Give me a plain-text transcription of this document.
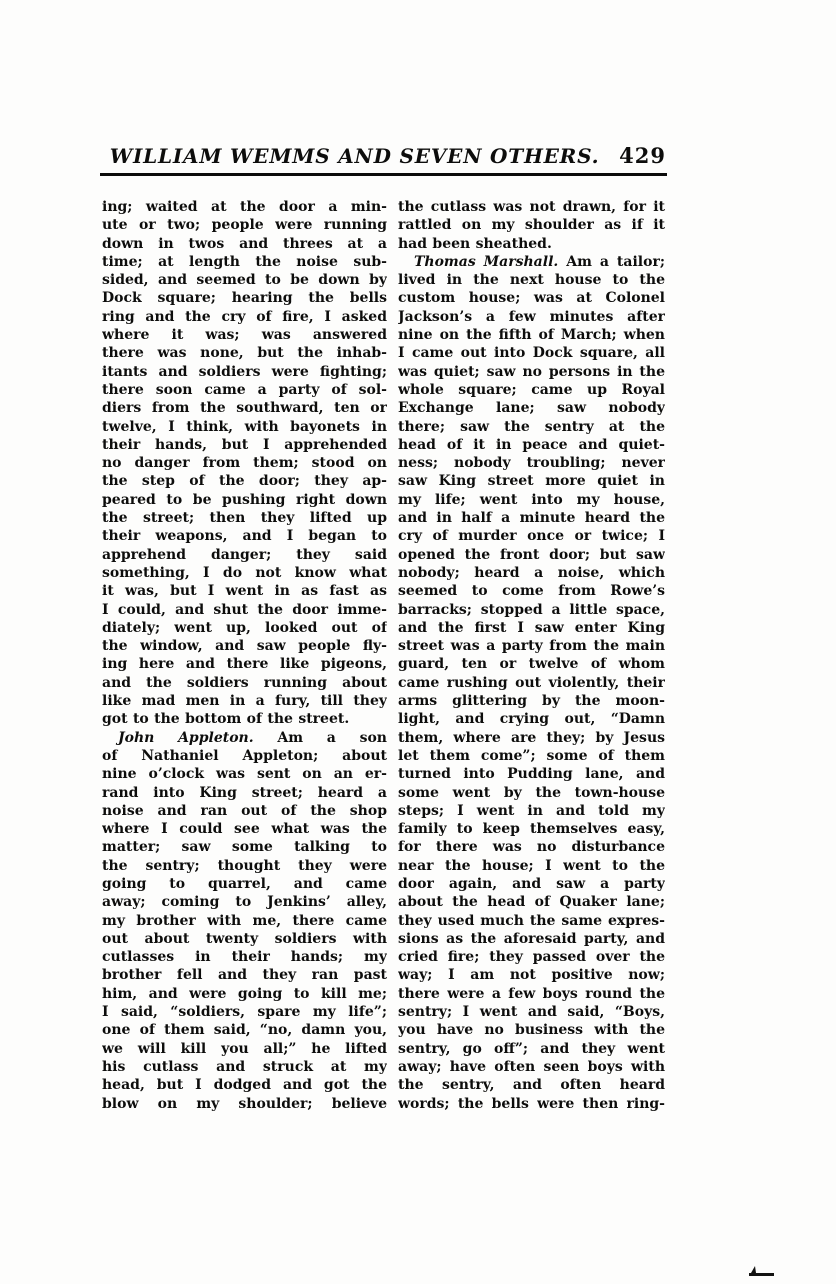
WILLIAM WEMMS AND SEVEN OTHERS. 429
ing; waited at the door a min-
ute or two; people were running
down in twos and threes at a
time; at length the noise sub-
sided, and seemed to be down by
Dock square; hearing the bells
ring and the cry of fire, I asked
where it was; was answered
there was none, but the inhab-
itants and soldiers were fighting;
there soon came a party of sol-
diers from the southward, ten or
twelve, I think, with bayonets in
their hands, but I apprehended
no danger from them; stood on
the step of the door; they ap-
peared to be pushing right down
the street; then they lifted up
their weapons, and I began to
apprehend danger; they said
something, I do not know what
it was, but I went in as fast as
I could, and shut the door imme-
diately; went up, looked out of
the window, and saw people fly-
ing here and there like pigeons,
and the soldiers running about
like mad men in a fury, till they
got to the bottom of the street.
John Appleton. Am a son
of Nathaniel Appleton; about
nine o’clock was sent on an er-
rand into King street; heard a
noise and ran out of the shop
where I could see what was the
matter; saw some talking to
the sentry; thought they were
going to quarrel, and came
away; coming to Jenkins’ alley,
my brother with me, there came
out about twenty soldiers with
cutlasses in their hands; my
brother fell and they ran past
him, and were going to kill me;
I said, “soldiers, spare my life”;
one of them said, “no, damn you,
we will kill you all;” he lifted
his cutlass and struck at my
head, but I dodged and got the
blow on my shoulder; believe
the cutlass was not drawn, for it
rattled on my shoulder as if it
had been sheathed.
Thomas Marshall. Am a tailor;
lived in the next house to the
custom house; was at Colonel
Jackson’s a few minutes after
nine on the fifth of March; when
I came out into Dock square, all
was quiet; saw no persons in the
whole square; came up Royal
Exchange lane; saw nobody
there; saw the sentry at the
head of it in peace and quiet-
ness; nobody troubling; never
saw King street more quiet in
my life; went into my house,
and in half a minute heard the
cry of murder once or twice; I
opened the front door; but saw
nobody; heard a noise, which
seemed to come from Rowe’s
barracks; stopped a little space,
and the first I saw enter King
street was a party from the main
guard, ten or twelve of whom
came rushing out violently, their
arms glittering by the moon-
light, and crying out, “Damn
them, where are they; by Jesus
let them come”; some of them
turned into Pudding lane, and
some went by the town-house
steps; I went in and told my
family to keep themselves easy,
for there was no disturbance
near the house; I went to the
door again, and saw a party
about the head of Quaker lane;
they used much the same expres-
sions as the aforesaid party, and
cried fire; they passed over the
way; I am not positive now;
there were a few boys round the
sentry; I went and said, “Boys,
you have no business with the
sentry, go off”; and they went
away; have often seen boys with
the sentry, and often heard
words; the bells were then ring-
